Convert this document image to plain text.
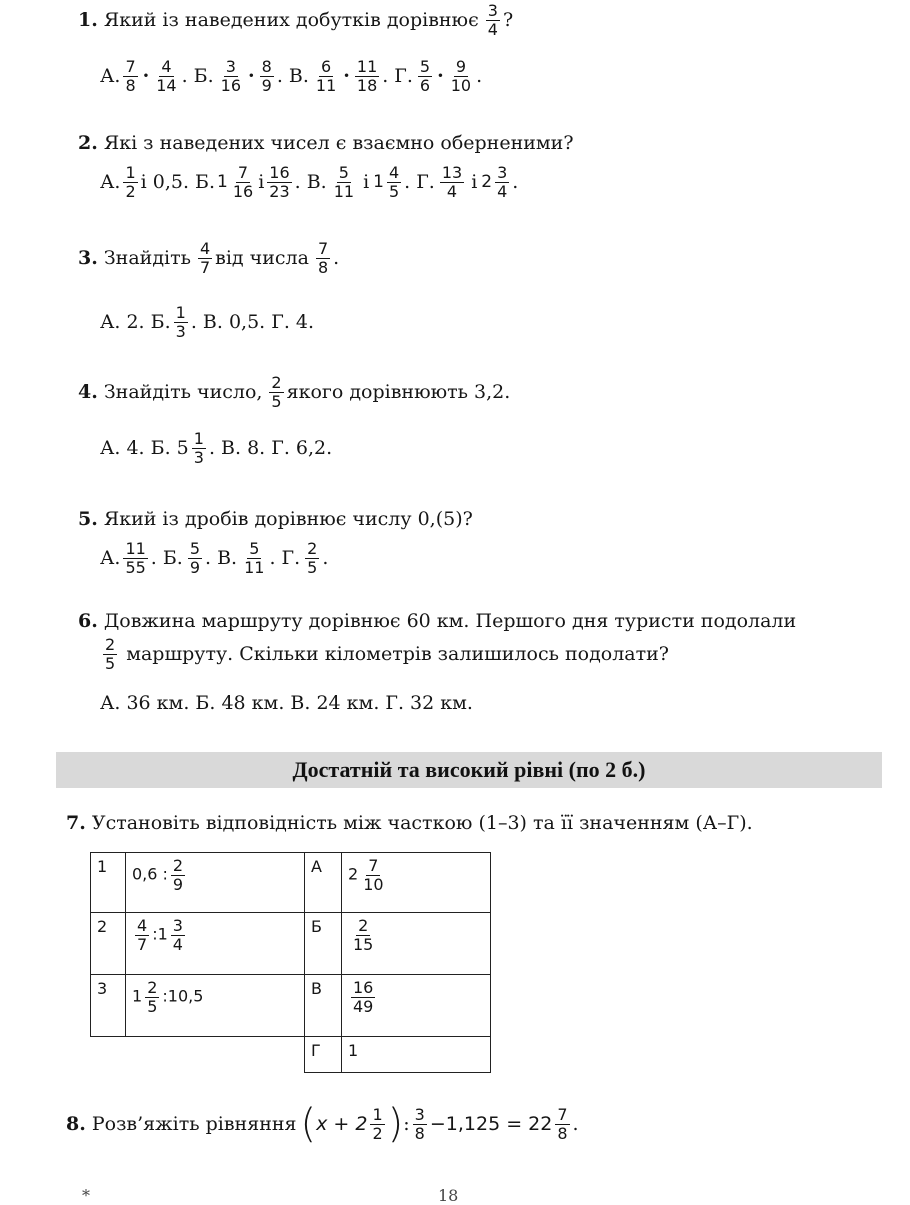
1. Який із наведених добутків дорівнює $\frac{3}{4}$ ?
А. $\frac{7}{8} \cdot \frac{4}{14}$ . Б. $\frac{3}{16} \cdot \frac{8}{9}$ . В. $\frac{6}{11} \cdot \frac{11}{18}$ . Г. $\frac{5}{6} \cdot \frac{9}{10}$ .
2. Які з наведених чисел є взаємно оберненими?
А. $\frac{1}{2}$ і 0,5. Б. $1 \frac{7}{16}$ і $\frac{16}{23}$ . В. $\frac{5}{11}$ і $1 \frac{4}{5}$ . Г. $\frac{13}{4}$ і $2 \frac{3}{4}$ .
3. Знайдіть $\frac{4}{7}$ від числа $\frac{7}{8}$ .
А. 2. Б. $\frac{1}{3}$ . В. 0,5. Г. 4.
4. Знайдіть число, $\frac{2}{5}$ якого дорівнюють 3,2.
А. 4. Б. $5 \frac{1}{3}$ . В. 8. Г. 6,2.
5. Який із дробів дорівнює числу 0,(5)?
А. $\frac{11}{55}$ . Б. $\frac{5}{9}$ . В. $\frac{5}{11}$ . Г. $\frac{2}{5}$ .
6. Довжина маршруту дорівнює 60 км. Першого дня туристи подолали
$\frac{2}{5}$ маршруту. Скільки кілометрів залишилось подолати?
А. 36 км. Б. 48 км. В. 24 км. Г. 32 км.
Достатній та високий рівні (по 2 б.)
7. Установіть відповідність між часткою (1–3) та її значенням (А–Г).
1	0,6 : $\frac{2}{9}$	А	$2 \frac{7}{10}$

2	$\frac{4}{7}$ :1 $\frac{3}{4}$	Б	$\frac{2}{15}$

3	$1 \frac{2}{5}$ :10,5	В	$\frac{16}{49}$

		Г	1
8. Розв’яжіть рівняння ( $x + 2 \frac{1}{2}$ ) : $\frac{3}{8} -1,125 = 22 \frac{7}{8}$ .
*	18
